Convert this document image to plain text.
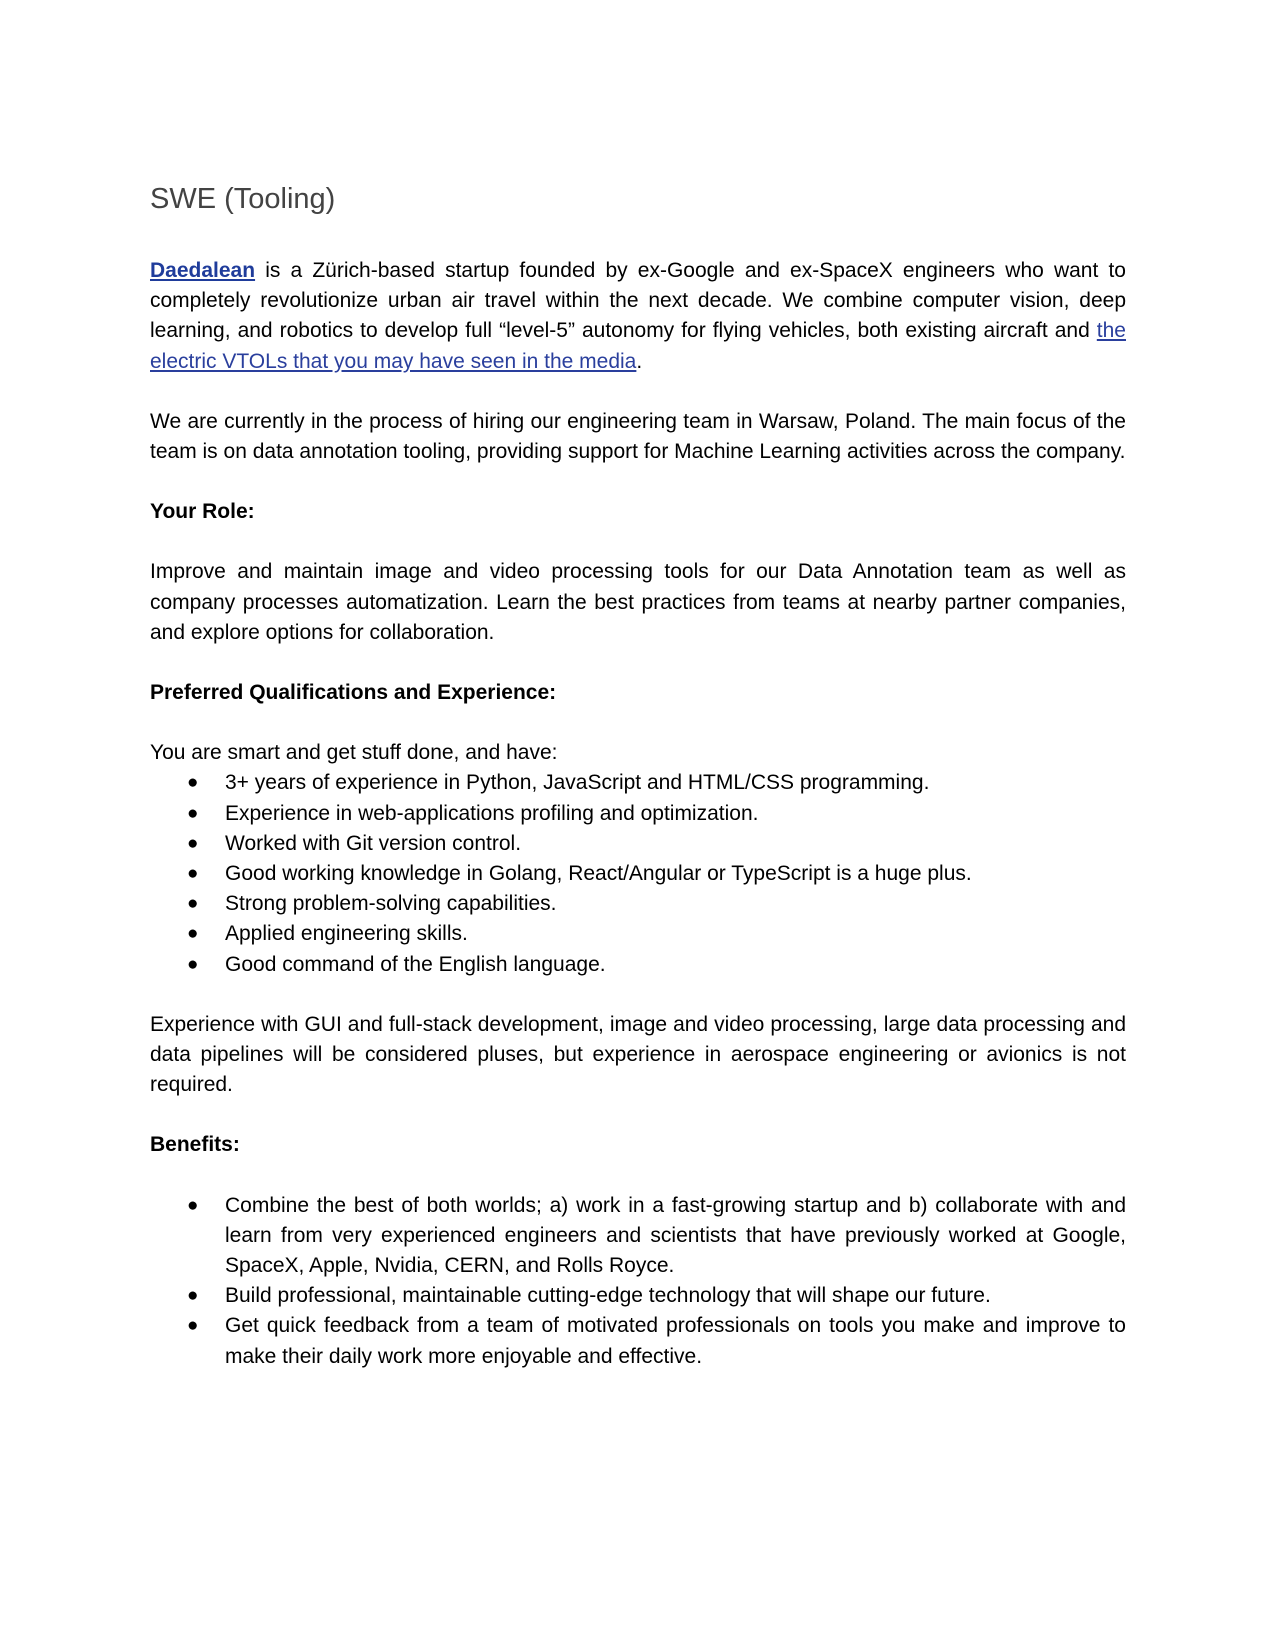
SWE (Tooling)

Daedalean is a Zürich-based startup founded by ex-Google and ex-SpaceX engineers who want to completely revolutionize urban air travel within the next decade. We combine computer vision, deep learning, and robotics to develop full “level-5” autonomy for flying vehicles, both existing aircraft and the electric VTOLs that you may have seen in the media.

We are currently in the process of hiring our engineering team in Warsaw, Poland. The main focus of the team is on data annotation tooling, providing support for Machine Learning activities across the company.

Your Role:

Improve and maintain image and video processing tools for our Data Annotation team as well as company processes automatization. Learn the best practices from teams at nearby partner companies, and explore options for collaboration.

Preferred Qualifications and Experience:

You are smart and get stuff done, and have:

● 3+ years of experience in Python, JavaScript and HTML/CSS programming.
● Experience in web-applications profiling and optimization.
● Worked with Git version control.
● Good working knowledge in Golang, React/Angular or TypeScript is a huge plus.
● Strong problem-solving capabilities.
● Applied engineering skills.
● Good command of the English language.

Experience with GUI and full-stack development, image and video processing, large data processing and data pipelines will be considered pluses, but experience in aerospace engineering or avionics is not required.

Benefits:
● Combine the best of both worlds; a) work in a fast-growing startup and b) collaborate with and learn from very experienced engineers and scientists that have previously worked at Google, SpaceX, Apple, Nvidia, CERN, and Rolls Royce.
● Build professional, maintainable cutting-edge technology that will shape our future.
● Get quick feedback from a team of motivated professionals on tools you make and improve to make their daily work more enjoyable and effective.
